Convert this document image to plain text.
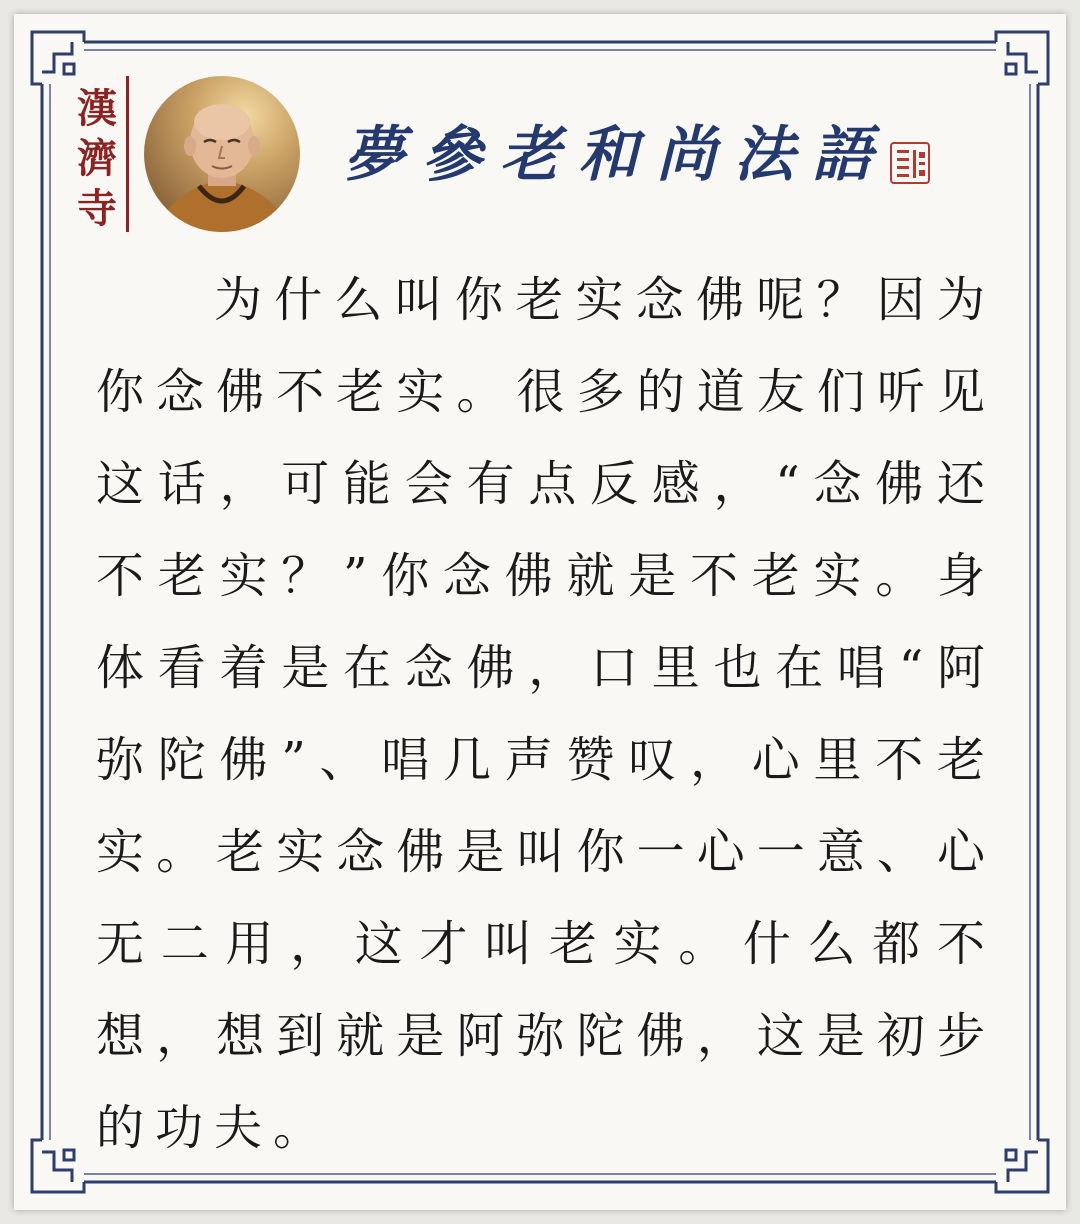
漢濟寺
夢參老和尚法語
为什么叫你老实念佛呢？因为你念佛不老实。很多的道友们听见这话，可能会有点反感，“念佛还不老实？”你念佛就是不老实。身体看着是在念佛，口里也在唱“阿弥陀佛”、唱几声赞叹，心里不老实。老实念佛是叫你一心一意、心无二用，这才叫老实。什么都不想，想到就是阿弥陀佛，这是初步的功夫。
